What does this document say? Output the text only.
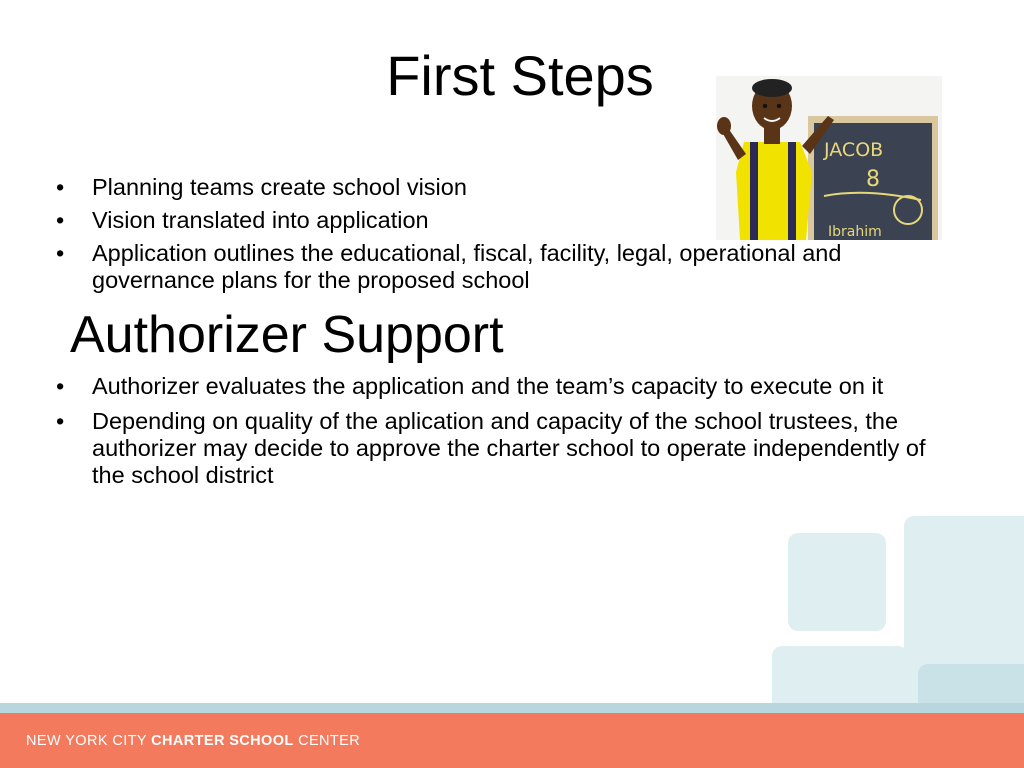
First Steps
JACOB
8
Ibrahim
• Planning teams create school vision
• Vision translated into application
• Application outlines the educational, fiscal, facility, legal, operational and governance plans for the proposed school
Authorizer Support
• Authorizer evaluates the application and the team’s capacity to execute on it
• Depending on quality of the aplication and capacity of the school trustees, the authorizer may decide to approve the charter school to operate independently of the school district
NEW YORK CITY CHARTER SCHOOL CENTER
